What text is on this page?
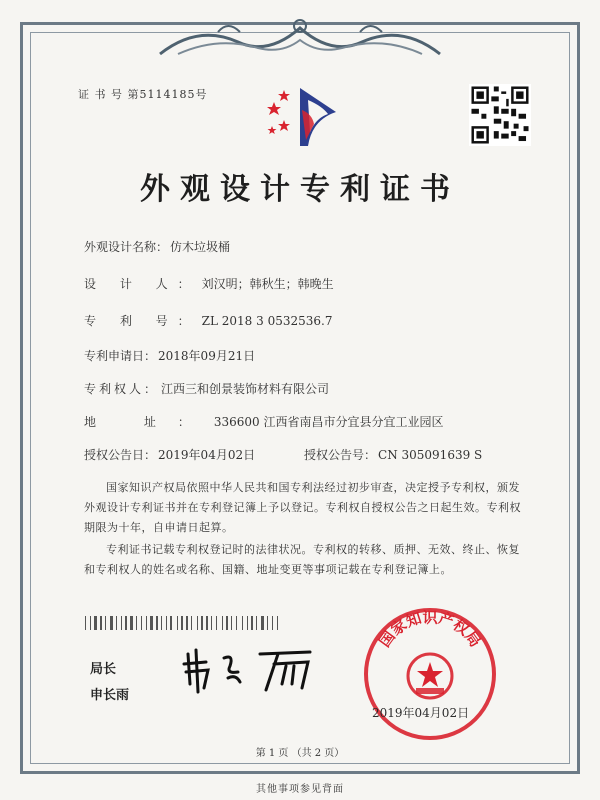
证 书 号 第5114185号
外观设计专利证书
外观设计名称： 仿木垃圾桶
设 计 人： 刘汉明；韩秋生；韩晚生
专 利 号： ZL 2018 3 0532536.7
专利申请日： 2018年09月21日
专利权人： 江西三和创景装饰材料有限公司
地 址： 336600 江西省南昌市分宜县分宜工业园区
授权公告日： 2019年04月02日	授权公告号： CN 305091639 S
国家知识产权局依照中华人民共和国专利法经过初步审查，决定授予专利权，颁发外观设计专利证书并在专利登记簿上予以登记。专利权自授权公告之日起生效。专利权期限为十年，自申请日起算。
专利证书记载专利权登记时的法律状况。专利权的转移、质押、无效、终止、恢复和专利权人的姓名或名称、国籍、地址变更等事项记载在专利登记簿上。
局长
申长雨
国家知识产权局
2019年04月02日
第 1 页 （共 2 页）
其他事项参见背面
